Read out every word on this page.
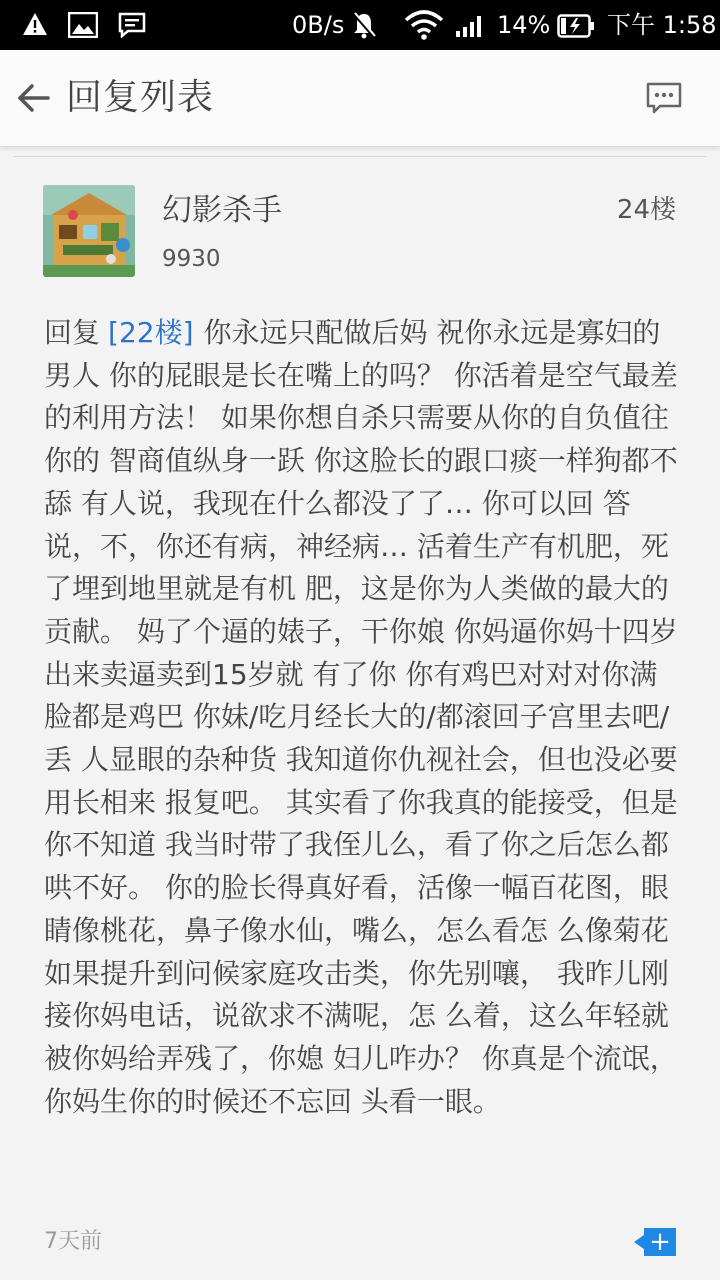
0B/s	14% 下午 1:58
回复列表
幻影杀手
9930
24楼
回复 [22楼] 你永远只配做后妈 祝你永远是寡妇的男人 你的屁眼是长在嘴上的吗？ 你活着是空气最差的利用方法！ 如果你想自杀只需要从你的自负值往你的 智商值纵身一跃 你这脸长的跟口痰一样狗都不舔 有人说，我现在什么都没了了… 你可以回 答说，不，你还有病，神经病… 活着生产有机肥，死了埋到地里就是有机 肥，这是你为人类做的最大的贡献。 妈了个逼的婊子，干你娘 你妈逼你妈十四岁出来卖逼卖到15岁就 有了你 你有鸡巴对对对你满脸都是鸡巴 你妹/吃月经长大的/都滚回子宫里去吧/丢 人显眼的杂种货 我知道你仇视社会，但也没必要用长相来 报复吧。 其实看了你我真的能接受，但是你不知道 我当时带了我侄儿么，看了你之后怎么都 哄不好。 你的脸长得真好看，活像一幅百花图，眼 睛像桃花，鼻子像水仙，嘴么，怎么看怎 么像菊花 如果提升到问候家庭攻击类，你先别嚷， 我昨儿刚接你妈电话，说欲求不满呢，怎 么着，这么年轻就被你妈给弄残了，你媳 妇儿咋办？ 你真是个流氓，你妈生你的时候还不忘回 头看一眼。
7天前	+
